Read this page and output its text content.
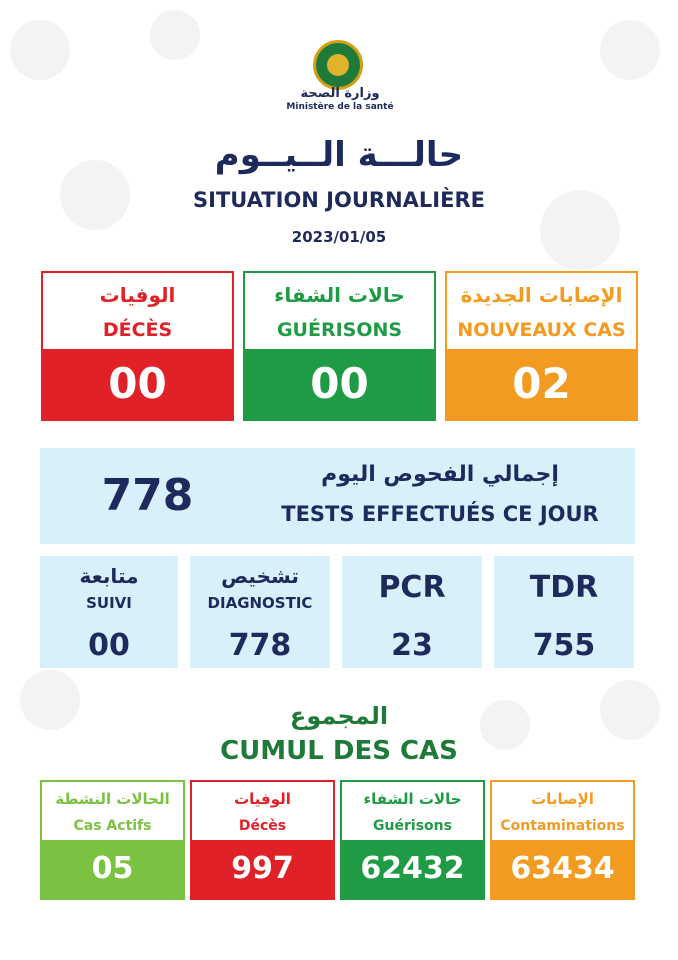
وزارة الصحة
Ministère de la santé
حالـــة الــيــوم
SITUATION JOURNALIÈRE
2023/01/05
الوفيات
DÉCÈS
00
حالات الشفاء
GUÉRISONS
00
الإصابات الجديدة
NOUVEAUX CAS
02
778	إجمالي الفحوص اليوم
TESTS EFFECTUÉS CE JOUR
متابعة
SUIVI
00
تشخيص
DIAGNOSTIC
778
PCR
23
TDR
755
المجموع
CUMUL DES CAS
الحالات النشطة
Cas Actifs
05
الوفيات
Décès
997
حالات الشفاء
Guérisons
62432
الإصابات
Contaminations
63434
